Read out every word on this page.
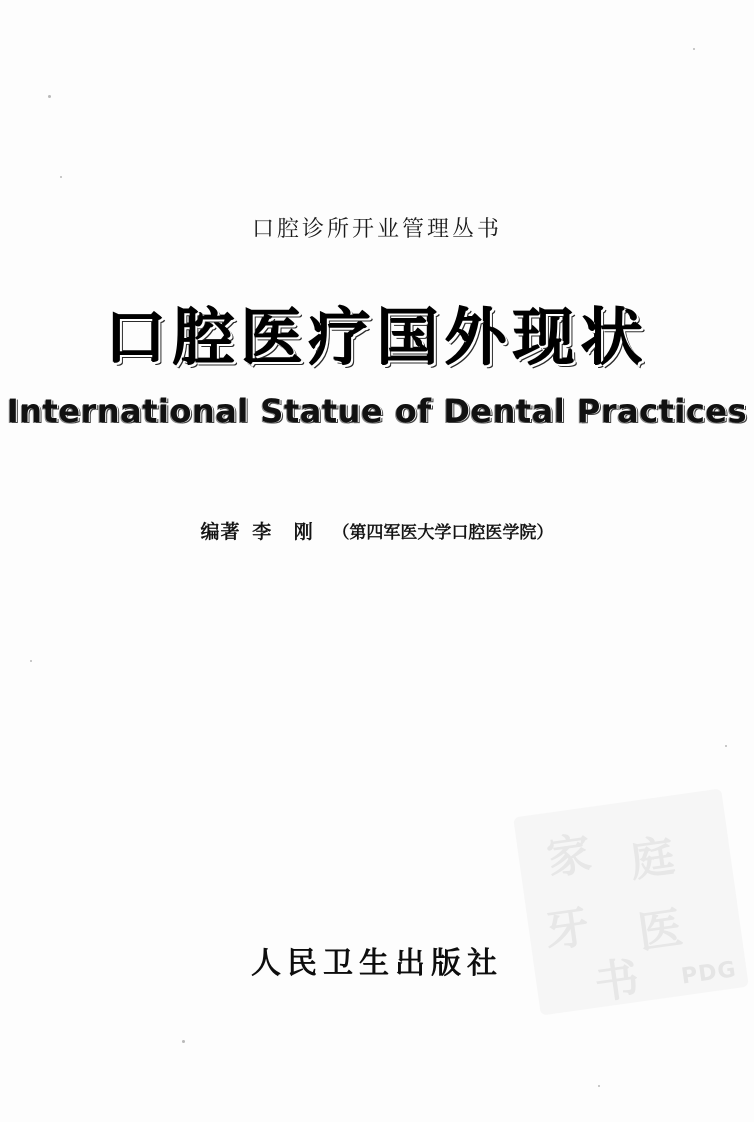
口腔诊所开业管理丛书
口腔医疗国外现状
International Statue of Dental Practices
编著 李 刚 （第四军医大学口腔医学院）
人民卫生出版社
家 庭
牙 医
书 PDG
